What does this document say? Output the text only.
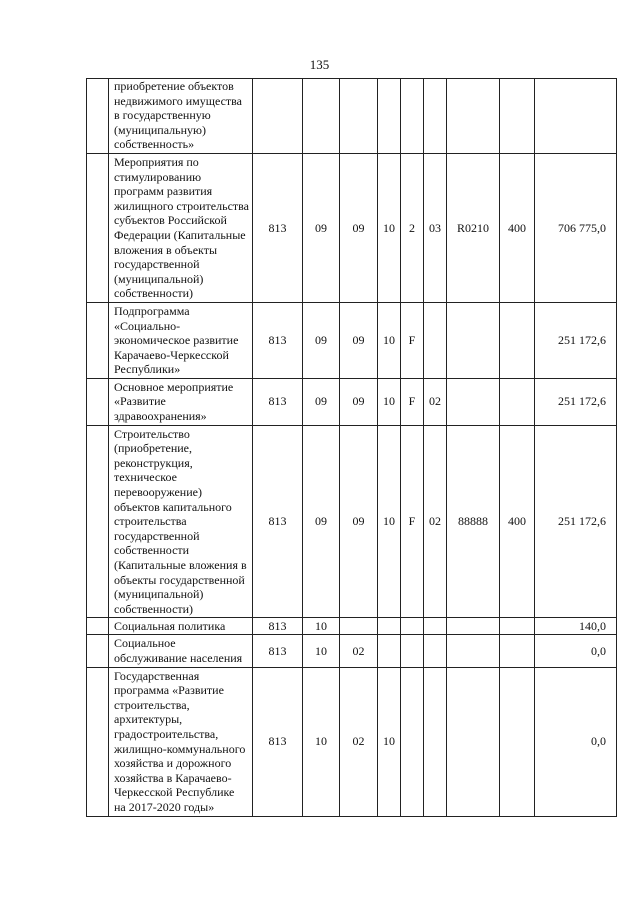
135
	приобретение объектов недвижимого имущества в государственную (муниципальную) собственность»									
	Мероприятия по стимулированию программ развития жилищного строительства субъектов Российской Федерации (Капитальные вложения в объекты государственной (муниципальной) собственности)	813	09	09	10	2	03	R0210	400	706 775,0
	Подпрограмма «Социально-экономическое развитие Карачаево-Черкесской Республики»	813	09	09	10	F				251 172,6
	Основное мероприятие «Развитие здравоохранения»	813	09	09	10	F	02			251 172,6
	Строительство (приобретение, реконструкция, техническое перевооружение) объектов капитального строительства государственной собственности (Капитальные вложения в объекты государственной (муниципальной) собственности)	813	09	09	10	F	02	88888	400	251 172,6
	Социальная политика	813	10							140,0
	Социальное обслуживание населения	813	10	02						0,0
	Государственная программа «Развитие строительства, архитектуры, градостроительства, жилищно-коммунального хозяйства и дорожного хозяйства в Карачаево-Черкесской Республике на 2017-2020 годы»	813	10	02	10					0,0
